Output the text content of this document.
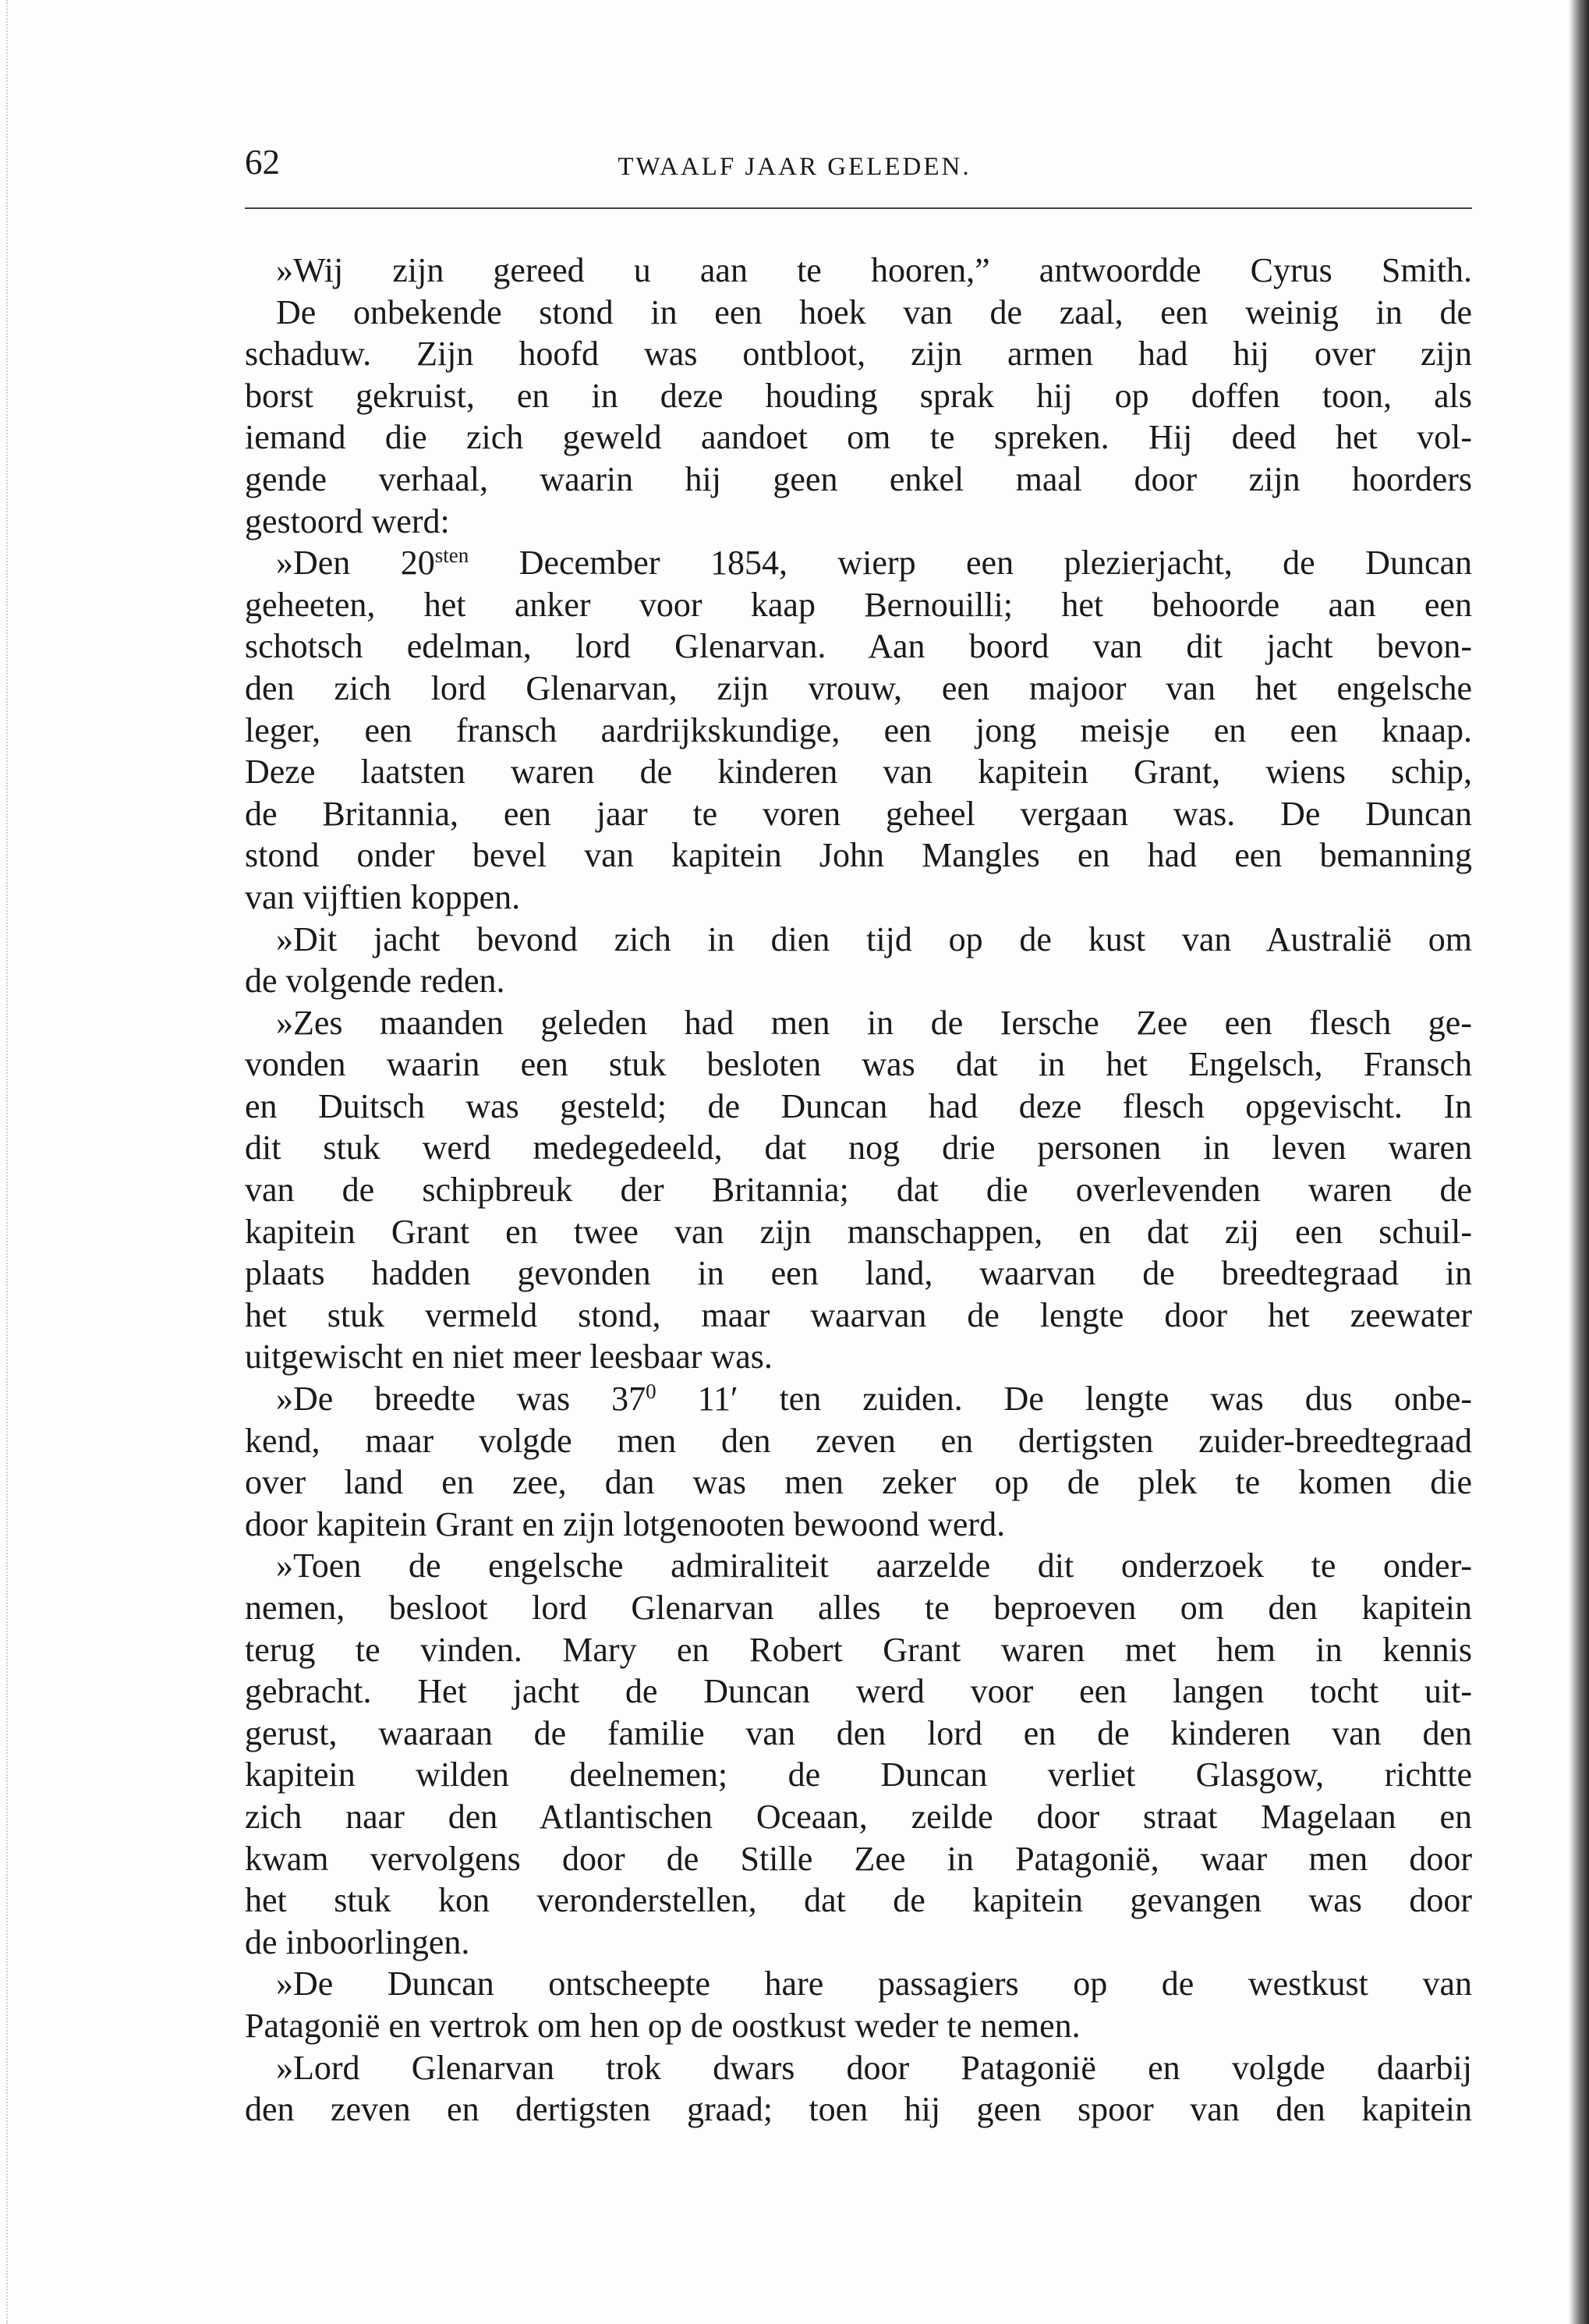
62	TWAALF JAAR GELEDEN.
»Wij zijn gereed u aan te hooren,” antwoordde Cyrus Smith.
De onbekende stond in een hoek van de zaal, een weinig in de
schaduw. Zijn hoofd was ontbloot, zijn armen had hij over zijn
borst gekruist, en in deze houding sprak hij op doffen toon, als
iemand die zich geweld aandoet om te spreken. Hij deed het vol-
gende verhaal, waarin hij geen enkel maal door zijn hoorders
gestoord werd:
»Den $20^{sten}$ December 1854, wierp een plezierjacht, de Duncan
geheeten, het anker voor kaap Bernouilli; het behoorde aan een
schotsch edelman, lord Glenarvan. Aan boord van dit jacht bevon-
den zich lord Glenarvan, zijn vrouw, een majoor van het engelsche
leger, een fransch aardrijkskundige, een jong meisje en een knaap.
Deze laatsten waren de kinderen van kapitein Grant, wiens schip,
de Britannia, een jaar te voren geheel vergaan was. De Duncan
stond onder bevel van kapitein John Mangles en had een bemanning
van vijftien koppen.
»Dit jacht bevond zich in dien tijd op de kust van Australië om
de volgende reden.
»Zes maanden geleden had men in de Iersche Zee een flesch ge-
vonden waarin een stuk besloten was dat in het Engelsch, Fransch
en Duitsch was gesteld; de Duncan had deze flesch opgevischt. In
dit stuk werd medegedeeld, dat nog drie personen in leven waren
van de schipbreuk der Britannia; dat die overlevenden waren de
kapitein Grant en twee van zijn manschappen, en dat zij een schuil-
plaats hadden gevonden in een land, waarvan de breedtegraad in
het stuk vermeld stond, maar waarvan de lengte door het zeewater
uitgewischt en niet meer leesbaar was.
»De breedte was $37^0$ 11′ ten zuiden. De lengte was dus onbe-
kend, maar volgde men den zeven en dertigsten zuider-breedtegraad
over land en zee, dan was men zeker op de plek te komen die
door kapitein Grant en zijn lotgenooten bewoond werd.
»Toen de engelsche admiraliteit aarzelde dit onderzoek te onder-
nemen, besloot lord Glenarvan alles te beproeven om den kapitein
terug te vinden. Mary en Robert Grant waren met hem in kennis
gebracht. Het jacht de Duncan werd voor een langen tocht uit-
gerust, waaraan de familie van den lord en de kinderen van den
kapitein wilden deelnemen; de Duncan verliet Glasgow, richtte
zich naar den Atlantischen Oceaan, zeilde door straat Magelaan en
kwam vervolgens door de Stille Zee in Patagonië, waar men door
het stuk kon veronderstellen, dat de kapitein gevangen was door
de inboorlingen.
»De Duncan ontscheepte hare passagiers op de westkust van
Patagonië en vertrok om hen op de oostkust weder te nemen.
»Lord Glenarvan trok dwars door Patagonië en volgde daarbij
den zeven en dertigsten graad; toen hij geen spoor van den kapitein
